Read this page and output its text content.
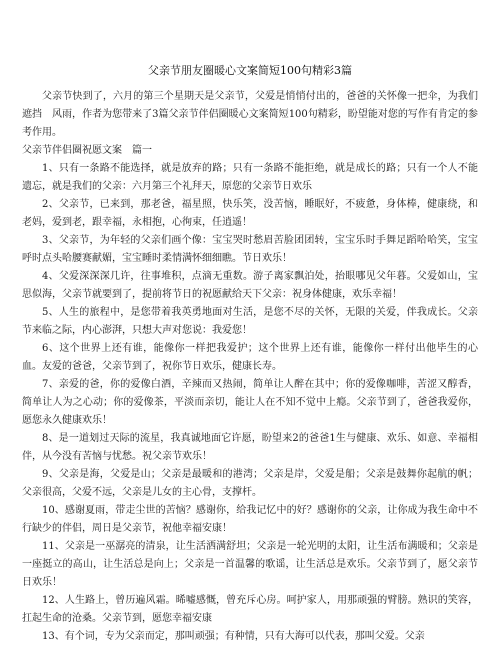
父亲节朋友圈暖心文案简短100句精彩3篇

父亲节快到了，六月的第三个星期天是父亲节，父爱是悄悄付出的，爸爸的关怀像一把伞，为我们遮挡　风雨，作者为您带来了3篇父亲节伴侣圈暖心文案简短100句精彩，盼望能对您的写作有肯定的参考作用。

父亲节伴侣圈祝愿文案　篇一

1、只有一条路不能选择，就是放弃的路；只有一条路不能拒绝，就是成长的路；只有一个人不能遗忘，就是我们的父亲：六月第三个礼拜天，原您的父亲节日欢乐

2、父亲节，已来到，那老爸，福星照，快乐笑，没苦恼，睡眠好，不疲惫，身体棒，健康绕，和老妈，爱到老，跟幸福，永相抱，心徇束，任逍遥！

3、父亲节，为年轻的父亲们画个像：宝宝哭时愁眉苦脸团团转，宝宝乐时手舞足蹈哈哈笑，宝宝呼时点头哈腰赛献媚，宝宝睡时柔情满怀细细瞧。节日欢乐！

4、父爱深深深几许，往事堆积，点滴无重数。游子离家飘泊处，抬眼哪见父年暮。父爱如山，宝思似海，父亲节就要到了，提前将节日的祝愿献给天下父亲：祝身体健康，欢乐幸福！

5、人生的旅程中，是您带着我英勇地面对生活，是您不尽的关怀，无限的关爱，伴我成长。父亲节来临之际，内心澎湃，只想大声对您说：我爱您！

6、这个世界上还有谁，能像你一样把我爱护；这个世界上还有谁，能像你一样付出他毕生的心血。友爱的爸爸，父亲节到了，祝你节日欢乐，健康长寿。

7、亲爱的爸，你的爱像白酒，辛辣而又热闹，简单让人醉在其中；你的爱像咖啡，苦涩又醇香，简单让人为之心动；你的爱像茶，平淡而亲切，能让人在不知不觉中上瘾。父亲节到了，爸爸我爱你，愿您永久健康欢乐！

8、是一道划过天际的流星，我真诚地面它许愿，盼望来2的爸爸1生与健康、欢乐、如意、幸福相伴，从今没有苦恼与忧愁。祝父亲节欢乐！

9、父亲是海，父爱是山；父亲是最暖和的港湾；父亲是岸，父爱是船；父亲是鼓舞你起航的帆；父亲很高，父爱不远，父亲是儿女的主心骨，支撑杆。

10、感谢夏雨，带走尘世的苦恼？感谢你，给我记忆中的好？感谢你的父亲，让你成为我生命中不行缺少的伴侣，周日是父亲节，祝他幸福安康！

11、父亲是一巫潺亮的清泉，让生活洒满舒坦；父亲是一轮光明的太阳，让生活布满暖和；父亲是一座挺立的高山，让生活总是向上；父亲是一首温馨的歌谣，让生活总是欢乐。父亲节到了，愿父亲节日欢乐！

12、人生路上，曾历遍风霜。晞嘘感慨，曾充斥心房。呵护家人，用那顽强的臂膀。熟识的笑容，扛起生命的沧桑。父亲节到，愿您幸福安康

13、有个词，专为父亲而定，那叫顽强；有种情，只有大海可以代表，那叫父爱。父亲
